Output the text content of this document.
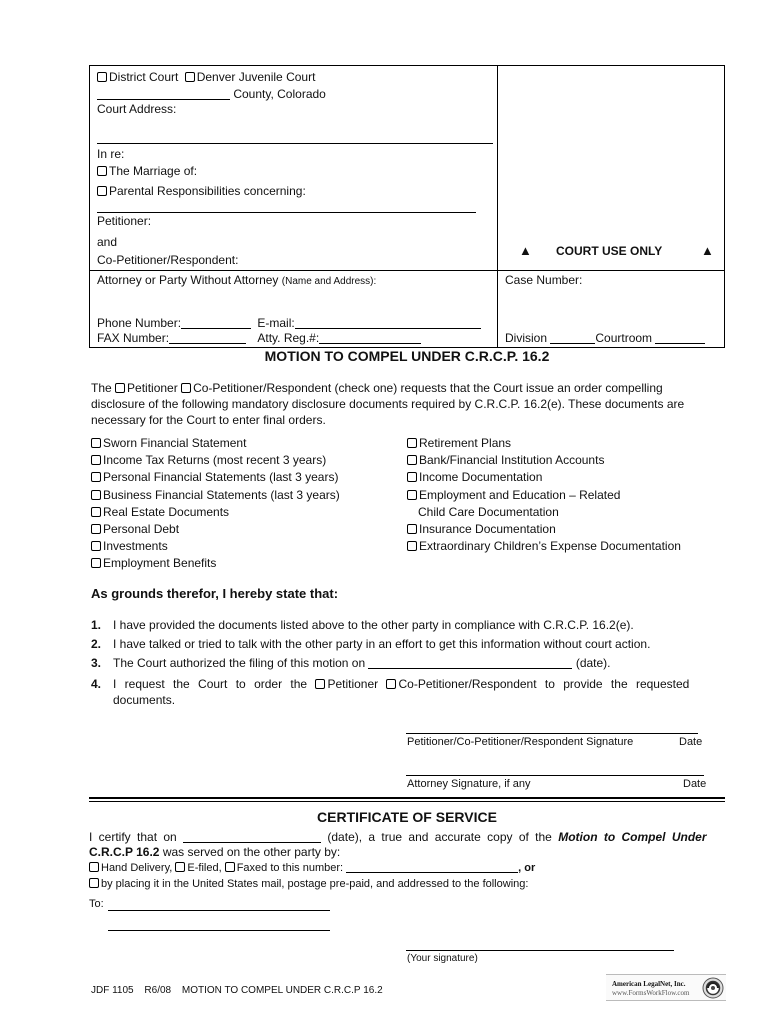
District Court Denver Juvenile Court
County, Colorado
Court Address:
In re:
The Marriage of:
Parental Responsibilities concerning:
Petitioner:
and
Co-Petitioner/Respondent:
Attorney or Party Without Attorney (Name and Address):
Phone Number:	E-mail:
FAX Number:	Atty. Reg.#:
▲ COURT USE ONLY	▲
Case Number:
Division	Courtroom
MOTION TO COMPEL UNDER C.R.C.P. 16.2
The Petitioner Co-Petitioner/Respondent (check one) requests that the Court issue an order compelling
disclosure of the following mandatory disclosure documents required by C.R.C.P. 16.2(e). These documents are
necessary for the Court to enter final orders.
Sworn Financial Statement
Income Tax Returns (most recent 3 years)
Personal Financial Statements (last 3 years)
Business Financial Statements (last 3 years)
Real Estate Documents
Personal Debt
Investments
Employment Benefits
Retirement Plans
Bank/Financial Institution Accounts
Income Documentation
Employment and Education – Related
Child Care Documentation
Insurance Documentation
Extraordinary Children’s Expense Documentation
As grounds therefor, I hereby state that:
1. I have provided the documents listed above to the other party in compliance with C.R.C.P. 16.2(e).
2. I have talked or tried to talk with the other party in an effort to get this information without court action.
3. The Court authorized the filing of this motion on	(date).
4. I request the Court to order the Petitioner Co-Petitioner/Respondent to provide the requested
documents.
Petitioner/Co-Petitioner/Respondent Signature	Date
Attorney Signature, if any	Date
CERTIFICATE OF SERVICE
I certify that on	(date), a true and accurate copy of the Motion to Compel Under
C.R.C.P 16.2 was served on the other party by:
Hand Delivery, E-filed, Faxed to this number:	, or
by placing it in the United States mail, postage pre-paid, and addressed to the following:
To:
(Your signature)
JDF 1105 R6/08 MOTION TO COMPEL UNDER C.R.C.P 16.2
American LegalNet, Inc.
www.FormsWorkFlow.com
